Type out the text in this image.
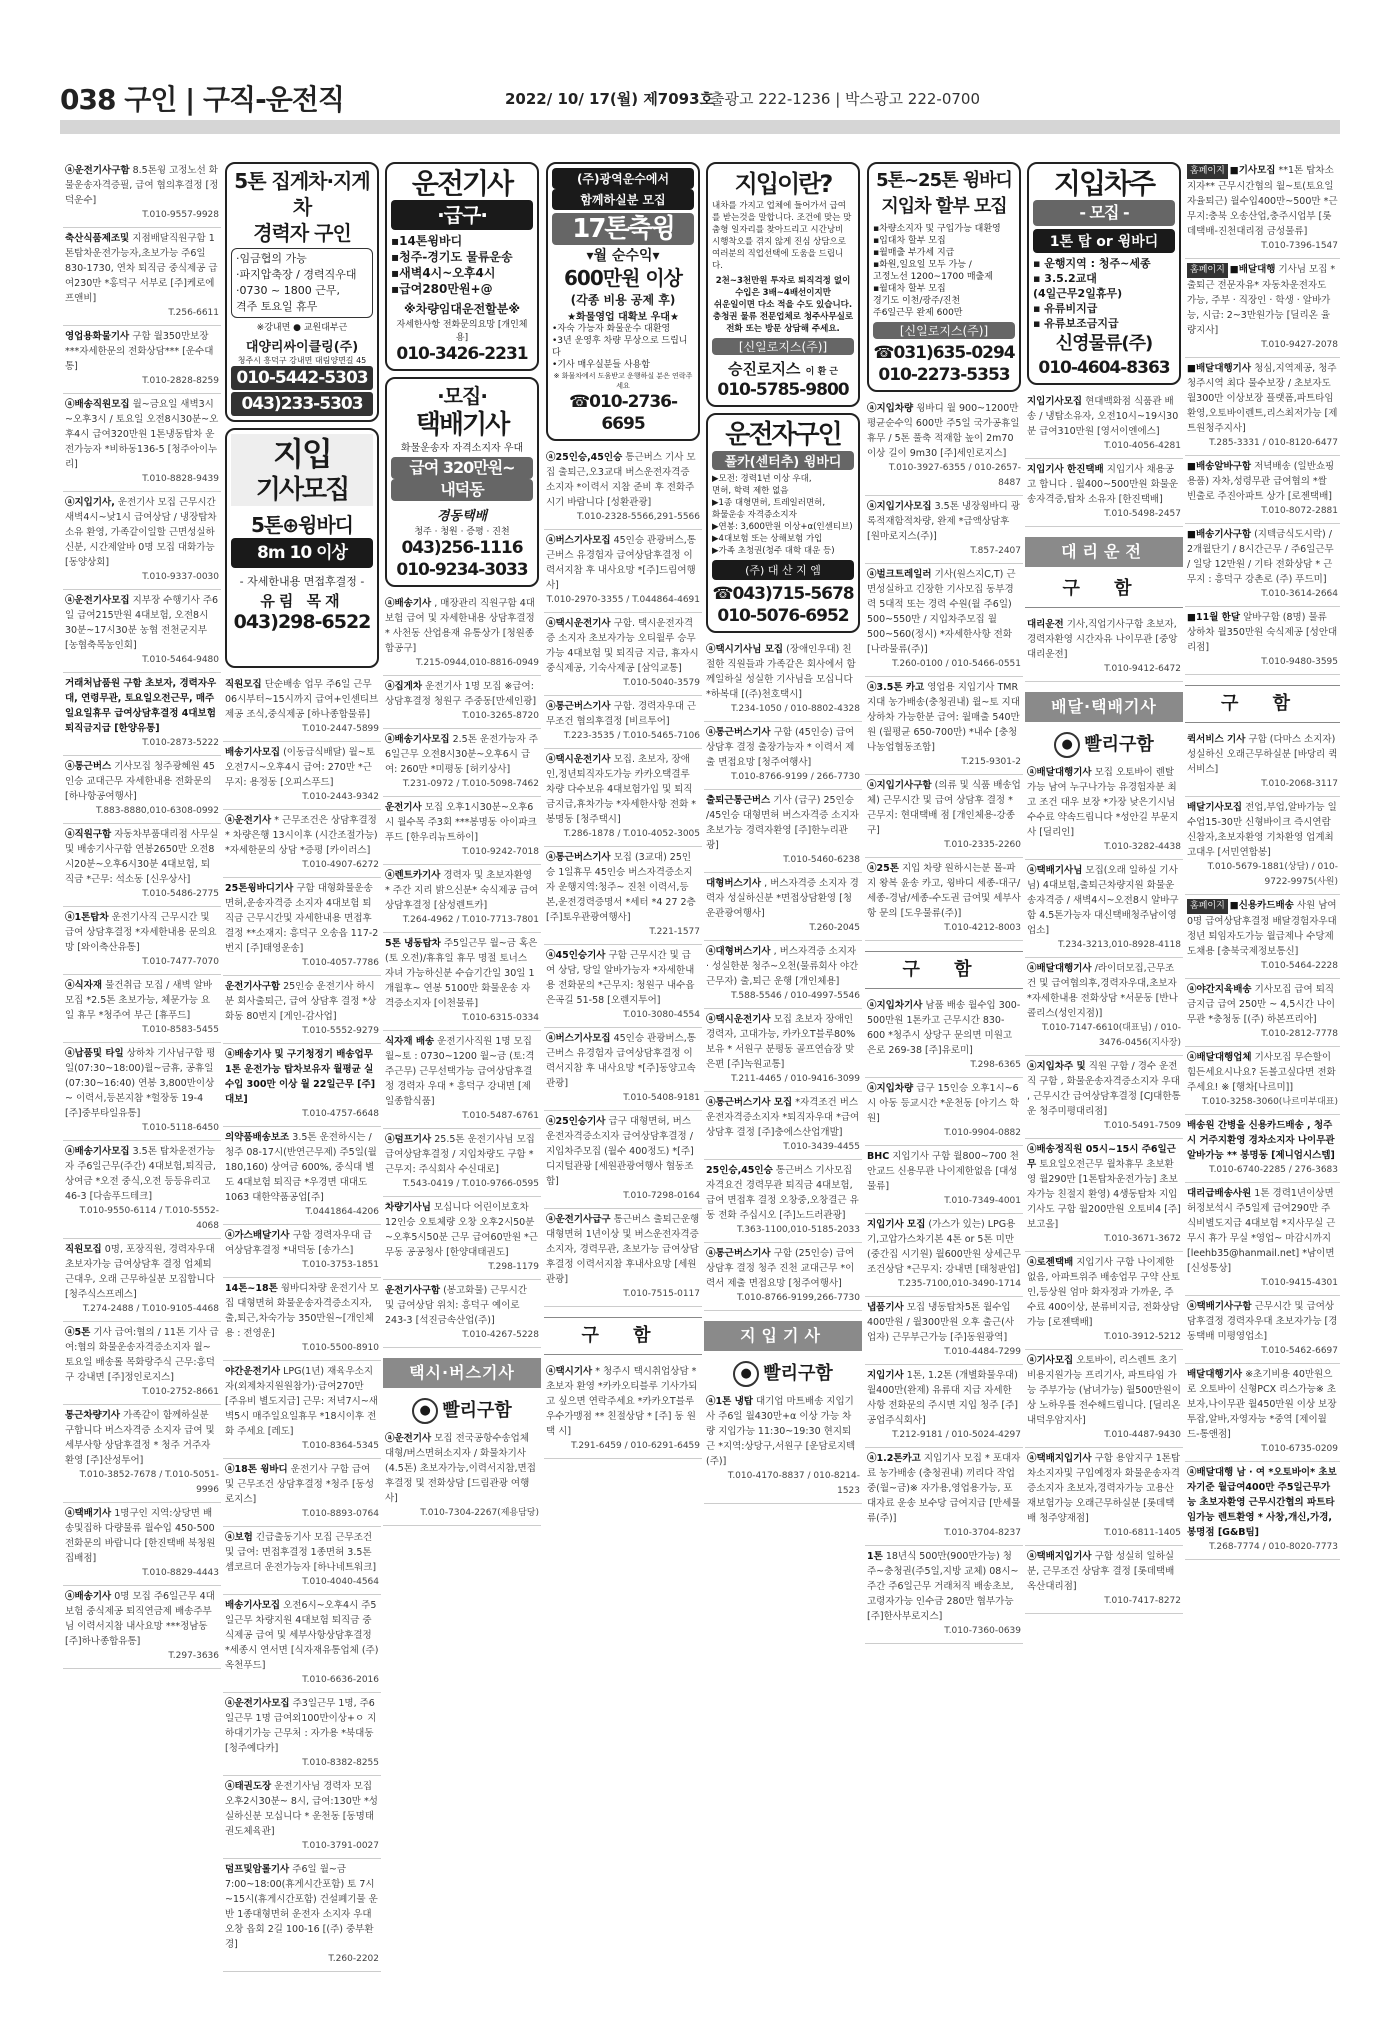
038 구인 | 구직-운전직	2022/ 10/ 17(월) 제7093호
출광고 222-1236 | 박스광고 222-0700
ⓐ운전기사구함 8.5톤윙 고정노선 화물운송자격증필, 급여 협의후결정 [정덕운수]
T.010-9557-9928
축산식품제조및 지점배달직원구함 1톤탑차운전가능자,초보가능 주6일 830-1730, 연차 퇴직금 중식제공 급여230만 *홍덕구 서부로 [주]케로에프앤비]
T.256-6611
영업용화물기사 구함 월350만보장 ***자세한문의 전화상담*** [운수대통]
T.010-2828-8259
ⓐ배송직원모집 월~금요일 새벽3시~오후3시 / 토요일 오전8시30분~오후4시 급여320만원 1톤냉동탑차 운전가능자 *비하동136-5 [청주아이누리]
T.010-8828-9439
ⓐ지입기사, 운전기사 모집 근무시간 새벽4시~낮1시 급여상담 / 냉장탑차소유 환영, 가족같이일할 근면성실하신분, 시간제알바 0명 모집 대화가능 [동양상회]
T.010-9337-0030
ⓐ운전기사모집 지부장 수행기사 주6일 급여215만원 4대보험, 오전8시30분~17시30분 농협 전천군지부 [농협축목농인회]
T.010-5464-9480
거래처납품원 구함 초보자, 경력자우대, 연령무관, 토요일오전근무, 매주일요일휴무 급여상담후결정 4대보험 퇴직금지급 [한양유통]
T.010-2873-5222
ⓐ통근버스 기사모집 청주광혜원 45인승 교대근무 자세한내용 전화문의 [하나항공여행사]
T.883-8880,010-6308-0992
ⓐ직원구함 자동차부품대리점 사무실 및 배송기사구함 연봉2650만 오전8시20분~오후6시30분 4대보험, 퇴직금 *근무: 석소동 [신우상사]
T.010-5486-2775
ⓐ1톤탑차 운전기사직 근무시간 및 급여 상담후결정 *자세한내용 문의요망 [와이축산유통]
T.010-7477-7070
ⓐ식자재 물건취급 모집 / 새벽 알바모집 *2.5톤 초보가능, 체문가능 요일 휴무 *청주여 부근 [휴푸드]
T.010-8583-5455
ⓐ납품및 타일 상하차 기사님구함 평일(07:30~18:00)월~금휴, 공휴일(07:30~16:40) 연봉 3,800만이상~ 이력서,등본지참 *헐장동 19-4 [주]중부타일유통]
T.010-5118-6450
ⓐ배송기사모집 3.5톤 탑차운전가능자 주6일근무(주간) 4대보험,퇴직금,상여금 *오전 중식,오전 등등유리고 46-3 [다솜푸드테크]
T.010-9550-6114 / T.010-5552-4068
직원모집 0명, 포장직원, 경력자우대 초보자가능 급여상담후 결정 업체퇴근대우, 오래 근무하실분 모집합니다 [청주식스프레스]
T.274-2488 / T.010-9105-4468
ⓐ5톤 기사 급여:협의 / 11톤 기사 급여:협의 화물운송자격증소지자 월~토요일 배송롤 목화랑주식 근무:흥덕구 강내면 [주]정인로지스]
T.010-2752-8661
통근차량기사 가족같이 함께하실분 구합니다 버스자격증 소지자 급여 및 세부사항 상담후결정 * 청주 거주자 환영 [주]산성투어]
T.010-3852-7678 / T.010-5051-9996
ⓐ택배기사 1명구인 지역:상당면 배송및집하 다량물류 월수입 450-500 전화문의 바랍니다 [한진택배 북청원집배점]
T.010-8829-4443
ⓐ배송기사 0명 모집 주6일근무 4대보험 중식제공 퇴직연금제 배송주부님 이력서지참 내사요망 ***정남동 [주]하나종합유통]
T.297-3636
5톤 집게차·지게차
경력자 구인
·임금협의 가능
·파지압축장 / 경력직우대
·0730 ~ 1800 근무,
격주 토요일 휴무
※강내면 ● 교원대부근
대양리싸이클링(주)
청주시 흥덕구 강내면 대림양면길 45
010-5442-5303
043)233-5303
지입
기사모집
5톤⊕윙바디
8m 10 이상
- 자세한내용 면접후결정 -
유림 목재
043)298-6522
직원모집 단순배송 업무 주6일 근무 06시부터~15시까지 급여+인센티브제공 조식,중식제공 [하나종합물류]
T.010-2447-5899
배송기사모집 (이동급식배달) 월~토 오전7시~오후4시 급여: 270만 *근무지: 용정동 [오피스푸드]
T.010-2443-9342
ⓐ운전기사 * 근무조건은 상담후결정 * 차량은행 13시이후 (시간조절가능) *자세한문의 상담 *증평 [카이러스]
T.010-4907-6272
25톤윙바디기사 구함 대형화물운송 면허,운송자격증 소지자 4대보험 퇴직금 근무시간및 자세한내용 면접후 결정 **소재지: 흥덕구 오송읍 117-2번지 [주]태영운송]
T.010-4057-7786
운전기사구함 25인승 운전기사 하시분 회사출퇴근, 급여 상담후 결정 *상화동 80번지 [게인-감사업]
T.010-5552-9279
ⓐ배송기사 및 구기청정기 배송업무 1톤 운전가능 탑차보유자 월평균 실수입 300만 이상 월 22일근무 [주]대보]
T.010-4757-6648
의약품배송보조 3.5톤 운전하시는 / 청주 08-17시(반연근무제) 주5일(월180,160) 상여금 600%, 중식대 별도 4대보험 퇴직금 *우경면 대대도 1063 대한약품공업[주]
T.0441864-4206
ⓐ가스배달기사 구함 경력자우대 급여상담후결정 *내덕동 [송가스]
T.010-3753-1851
14톤~18톤 윙바디차량 운전기사 모집 대형면허 화물운송자격증소지자, 출,퇴근,차숙가능 350만원~[개인체용 : 전영운]
T.010-5500-8910
야간운전기사 LPG(1년) 재육우소지자(외제차지원원참가)·급여270만 [주유비 별도지급] 근무: 저녁7시~새벽5시 매주일요일휴무 *18시이후 전화 주세요 [레도]
T.010-8364-5345
ⓐ18톤 윙바디 운전기사 구함 급여 및 근무조건 상담후결정 *청주 [동성로지스]
T.010-8893-0764
ⓐ보험 긴급출동기사 모집 근무조건 및 급여: 면접후결정 1종면허 3.5톤 셈코르더 운전가능자 [하나네트워크]
T.010-4040-4564
배송기사모집 오전6시~오후4시 주5일근무 차량지원 4대보험 퇴직금 중식제공 급여 및 세부사항상담후결정 *세종시 연서면 [식자재유통업체 (주)옥천푸드]
T.010-6636-2016
ⓐ운전기사모집 주3일근무 1명, 주6일근무 1명 급여외100만이상+ㅇ 지하대기가능 근무처 : 자가용 *북대동 [청주예다카]
T.010-8382-8255
ⓐ태권도장 운전기사님 경력자 모집 오후2시30분~ 8시, 급여:130만 *성실하신분 모십니다 * 운천동 [동명태권도체육관]
T.010-3791-0027
덤프및암롤기사 주6일 월~금 7:00~18:00(휴게시간포함) 토 7시~15시(휴게시간포함) 건설폐기물 운반 1종대형면허 운전자 소지자 우대 오창 읍회 2길 100-16 [(주) 중부환경]
T.260-2202
운전기사
·급구·
▪14톤윙바디
▪청주-경기도 물류운송
▪새벽4시~오후4시
▪급여280만원+@
※차량임대운전할분※
자세한사항 전화문의요망 [개인체용]
010-3426-2231
·모집·
택배기사
화물운송자 자격소지자 우대
급여 320만원~
내덕동
경동택배
청주 · 청원 · 증평 · 진천
043)256-1116
010-9234-3033
ⓐ배송기사 , 매장관리 직원구함 4대보험 급여 및 자세한내용 상담후결정 * 사천동 산업용재 유통상가 [청원종합공구]
T.215-0944,010-8816-0949
ⓐ집게차 운전기사 1명 모집 ※급여:상담후결정 청원구 주중동[만세인광]
T.010-3265-8720
ⓐ배송기사모집 2.5톤 운전가능자 주6일근무 오전8시30분~오후6시 급여: 260만 *미평동 [허키상사]
T.231-0972 / T.010-5098-7462
운전기사 모집 오후1시30분~오후6시 월수목 주3회 ***봉명동 아이파크푸드 [한우리뉴트하이]
T.010-9242-7018
ⓐ렌트카기사 경력자 및 초보자환영 * 주간 지리 밝으신분* 숙식제공 급여상담후결정 [삼성렌트카]
T.264-4962 / T.010-7713-7801
5톤 냉동탑차 주5일근무 월~금 혹은(토 오전)/휴휴일 휴무 명절 토너스 자녀 가능하신분 수습기간일 30일 1개월후~ 연봉 5100만 화물운송 자격증소지자 [이천물류]
T.010-6315-0334
식자재 배송 운전기사직원 1명 모집 월~토 : 0730~1200 월~금 (토:격주근무) 근무선택가능 급여상담후결정 경력자 우대 * 흥덕구 강내면 [제일종합식품]
T.010-5487-6761
ⓐ덤프기사 25.5톤 운전기사님 모집 급여상담후결정 / 지입차량도 구함 *근무지: 주식회사 수신대로]
T.543-0419 / T.010-9766-0595
차량기사님 모십니다 어린이보호차 12인승 오토체량 오창 오후2시50분~오후5시50분 근무 급여60만원 *근무동 공공청사 [한양대태권도]
T.298-1179
운전기사구함 (봉고화물) 근무시간 및 급여상담 위치: 흥덕구 예이로 243-3 [석진금속산업(주)]
T.010-4267-5228
택시·버스기사
● 빨리구함
ⓐ운전기사 모집 전국공항수송업체 대형/버스면허소지자 / 화물차기사(4.5톤) 초보자가능,이력서지참,면접후결정 및 전화상담 [드림관광 여행사]
T.010-7304-2267(제용담당)
(주)광역운수에서
함께하실분 모집
17톤축윙
▾월 순수익▾
600만원 이상
(각종 비용 공제 후)
★화물영업 대확보 우대★
•자숙 가능자 화물운수 대환영
•3년 운영후 차량 무상으로 드립니다
•기사 매우실분들 사용함
※ 화물차에서 도움받고 운행하실 분은 연락주세요
☎010-2736-6695
ⓐ25인승,45인승 통근버스 기사 모집 출퇴근,오3교대 버스운전자격증 소지자 *이력서 지참 준비 후 전화주시기 바랍니다 [성환관광]
T.010-2328-5566,291-5566
ⓐ버스기사모집 45인승 관광버스,통근버스 유경험자 급여상담후결정 이력서지참 후 내사요망 *[주]드림여행사]
T.010-2970-3355 / T.044864-4691
ⓐ택시운전기사 구함. 택시운전자격증 소지자 초보자가능 오티월루 승무가능 4대보험 및 퇴직금 지급, 휴자시 중식제공, 기숙사제공 [삼익교통]
T.010-5040-3579
ⓐ통근버스기사 구함. 경력자우대 근무조건 협의후결정 [비르투어]
T.223-3535 / T.010-5465-7106
ⓐ택시운전기사 모집. 초보자, 장애인,정년퇴직자도가능 카카오택결루 차량 다수보유 4대보험가입 및 퇴직금지급,휴차가능 *자세한사항 전화 *봉명동 [청주택시]
T.286-1878 / T.010-4052-3005
ⓐ통근버스기사 모집 (3교대) 25인승 1일휴무 45인승 버스자격증소지자 운행지역:청주~ 진천 이력서,등본,운전경력증명서 *세터 *4 27 2층 [주]토우관광여행사]
T.221-1577
ⓐ45인승기사 구함 근무시간 및 급여 상담, 당일 알바가능자 *자세한내용 전화문의 *근무지: 청원구 내수읍 은곡길 51-58 [오렌지투어]
T.010-3080-4554
ⓐ버스기사모집 45인승 관광버스,통근버스 유경험자 급여상담후결정 이력서지참 후 내사요망 *[주]동양고속관광]
T.010-5408-9181
ⓐ25인승기사 급구 대형면허, 버스운전자격증소지자 급여상담후결정 /지입차주모집 (월수 400정도) *[주]디지털관광 [세원관광여행사 협동조합]
T.010-7298-0164
ⓐ운전기사급구 통근버스 출퇴근운행 대형면허 1년이상 및 버스운전자격증소지자, 경력무관, 초보가능 급여상담후결정 이력서지참 후내사요망 [세원관광]
T.010-7515-0117
구 함
ⓐ택시기사 * 청주시 택시취업상담 * 초보자 환영 *카카오티블루 기사가되고 싶으면 연락주세요 *카카오T블루 우수가맹점 ** 친절상담 * [주] 동 원 택 시]
T.291-6459 / 010-6291-6459
지입이란?
내차를 가지고 업체에 들어가서 급여를 받는것을 말합니다. 조건에 맞는 맞춤형 일자리를 찾아드리고 시간낭비 시행착오를 겪지 않게 진심 상담으로 여러분의 직업선택에 도움을 드립니다.
2천~3천만원 투자로 퇴직걱정 없이 수입은 3배~4배선이지만
쉬운일이면 다소 적을 수도 있습니다.
충청권 물류 전문업체로 청주사무실로
전화 또는 방문 상담해 주세요.
[신일로지스(주)]
승진로지스 이 환 근
010-5785-9800
운전자구인
풀카(센터추) 윙바디
▶모전: 경력1년 이상 우대,
면허, 학력 제한 없음
▶1종 대형면허, 트레일러면허,
화물운송 자격증소지자
▶연봉: 3,600만원 이상+α(인센티브)
▶4대보험 또는 상해보험 가입
▶가족 초청권(청주 대학 대운 등)
(주) 대 산 지 엠
☎043)715-5678
010-5076-6952
ⓐ택시기사님 모집 (장애인우대) 친절한 직원들과 가족같은 회사에서 함께일하실 성실한 기사님을 모십니다 *하복대 [(주)천호택시]
T.234-1050 / 010-8802-4328
ⓐ통근버스기사 구함 (45인승) 급여 상담후 결정 출장가능자 * 이력서 제출 면접요망 [청주여행사]
T.010-8766-9199 / 266-7730
출퇴근통근버스 기사 (급구) 25인승 /45인승 대형면허 버스자격증 소지자 초보가능 경력자환영 [주]한누리관광]
T.010-5460-6238
대형버스기사 , 버스자격증 소지자 경력자 성실하신분 *면접상담환영 [청운관광여행사]
T.260-2045
ⓐ대형버스기사 , 버스자격증 소지자 · 성실한분 청주~오천(물류회사 야간근무자) 출,퇴근 운행 [개인체용]
T.588-5546 / 010-4997-5546
ⓐ택시운전기사 모집 초보자 장애인 경력자, 고대가능, 카카오T블루80%보유 * 서원구 분평동 골프연습장 맞은편 [주]녹원교통]
T.211-4465 / 010-9416-3099
ⓐ통근버스기사 모집 *자격조건 버스운전자격증소지자 *퇴직자우대 *급여상담후 결정 [주]충에스산업개발]
T.010-3439-4455
25인승,45인승 통근버스 기사모집 자격요건 경력무관 퇴직금 4대보험, 급여 면접후 결정 오창중,오창결근 유동 전화 주십시오 [주]노드러관광]
T.363-1100,010-5185-2033
ⓐ통근버스기사 구함 (25인승) 급여 상담후 결정 청주 진천 교대근무 *이력서 제출 면접요망 [청주여행사]
T.010-8766-9199,266-7730
지입기사
● 빨리구함
ⓐ1톤 냉탑 대기업 마트배송 지입기사 주6일 월430만+α 이상 가능 차량 지입가능 11:30~19:30 현지퇴근 *지역:상당구,서원구 [운담로지텍(주)]
T.010-4170-8837 / 010-8214-1523
5톤~25톤 윙바디
지입차 할부 모집
▪차량소지자 및 구입가능 대환영
▪입대차 할부 모집
▪월매출 부가세 지급
▪화원,일요일 모두 가능 /
고정노선 1200~1700 매출제
▪월대차 할부 모집
경기도 이천/광주/진천
주6일근무 완제 600만
[신일로지스(주)]
☎031)635-0294
010-2273-5353
ⓐ지입차량 윙바디 월 900~1200만 평균순수익 600만 주5일 국가공휴일 휴무 / 5톤 풀축 적재함 높이 2m70이상 길이 9m30 [주]세인로지스]
T.010-3927-6355 / 010-2657-8487
ⓐ지입기사모집 3.5톤 냉장윙바디 광록적재함적차량, 완제 *급액상담후 [원마로지스(주)]
T.857-2407
ⓐ벌크트레일러 기사(원스지C,T) 근면성실하고 긴장한 기사모집 동부경력 5대적 또는 경력 수원(월 주6일) 500~550만 / 지입차주모집 월 500~560(정시) *자세한사항 전화 [나라물류(주)]
T.260-0100 / 010-5466-0551
ⓐ3.5톤 카고 영업용 지입기사 TMR지대 농가배송(충청권내) 월~토 지대 상하차 가능한분 급여: 월매출 540만원 (월평균 650-700만) *내수 [충청나농업협동조합]
T.215-9301-2
ⓐ지입기사구함 (의류 및 식품 배송업체) 근무시간 및 급여 상담후 결정 *근무지: 현대택배 점 [개인체용-강종구]
T.010-2335-2260
ⓐ25톤 지입 차량 원하시는분 몰-파지 왕복 윤송 카고, 윙바디 세종-대구/세종-경남/세종-수도권 급여및 세부사항 문의 [도우물류(주)]
T.010-4212-8003
구 함
ⓐ지입차기사 남품 배송 월수입 300-500만원 1톤카고 근무시간 830-600 *청주시 상당구 문의면 미원고은로 269-38 [주]유로미]
T.298-6365
ⓐ지입차량 급구 15인승 오후1시~6시 아동 등교시간 *운천동 [아기스 학원]
T.010-9904-0882
BHC 지입기사 구함 월800~700 천안교드 신용무관 나이제한없음 [대성물류]
T.010-7349-4001
지입기사 모집 (가스가 있는) LPG용기,고압가스차기본 4톤 or 5톤 미만(중간집 시기원) 월600만원 상세근무조건상담 *근무지: 강내면 [태청판업]
T.235-7100,010-3490-1714
냅품기사 모집 냉동탑차5톤 월수입400만원 / 월300만원 오후 출근(사업자) 근무부근가능 [주]동원광역]
T.010-4484-7299
지입기사 1톤, 1.2톤 (개별화물우대) 월400만(완제) 유류대 지급 자세한 사항 전화문의 주시면 지입 청주 [주]공업주식회사]
T.212-9181 / 010-5024-4297
ⓐ1.2톤카고 지입기사 모집 * 포대자료 농가배송 (충청권내) 끼리다 작업중(월~금)※ 자가용,영업용가능, 포대자료 운송 보수당 급여지급 [만세물류(주)]
T.010-3704-8237
1톤 18년식 500만(900만가능) 청주~충청권(주5일,지방 교체) 08시~주간 주6일근무 거래처직 배송초보,고령자가능 인수금 280만 협부가능 [주]한사부로지스]
T.010-7360-0639
지입차주
- 모집 -
1톤 탑 or 윙바디
▪ 운행지역 : 청주~세종
▪ 3.5.2교대
(4일근무2일휴무)
▪ 유류비지급
▪ 유류보조금지급
신영물류(주)
010-4604-8363
지입기사모집 현대백화점 식품관 배송 / 냉탑소유자, 오전10시~19시30분 급여310만원 [영서이엔에스]
T.010-4056-4281
지입기사 한진택배 지입기사 채용공고 합니다 . 월400~500만원 화물운송자격증,탑차 소유자 [한진택배]
T.010-5498-2457
대리운전
구 함
대리운전 기사,직업기사구함 초보자, 경력자환영 시간자유 나이무관 [중앙대리운전]
T.010-9412-6472
배달·택배기사
● 빨리구함
ⓐ배달대행기사 모집 오토바이 렌탈 가능 남여 누구나가능 유경험자분 최고 조건 대우 보장 *가장 낮은기시님 수수료 약속드립니다 *성안길 부문지사 [딜리인]
T.010-3282-4438
ⓐ택배기사님 모집(오래 일하실 기사님) 4대보험,출퇴근차량지원 화물운송자격증 / 새벽4시~오전8시 알바구함 4.5톤가능자 대신택배청주남이영업소]
T.234-3213,010-8928-4118
ⓐ배달대행기사 /라이더모집,근무조건 및 급여협의후,경력자우대,초보자 *자세한내용 전화상담 *서문동 [반나콜리스(성인지점)]
T.010-7147-6610(대표님) / 010-3476-0456(지사장)
ⓐ지입차주 및 직원 구함 / 경수 운전직 구함 , 화물운송자격증소지자 우대 , 근무시간 급여상담후결정 [CJ대한통운 청주미평대리점]
T.010-5491-7509
ⓐ배송정직원 05시~15시 주6일근무 토요일오전근무 월차휴무 초보환영 월290만 [1톤탑차운전가능] 초보자가능 친절지 환영) 4생동탐차 지입기사도 구함 월200만원 오토비4 [주]보고올]
T.010-3671-3672
ⓐ로젠택배 지입기사 구함 나이제한없음, 아파트위주 배송업무 구약 산토인,등상원 엄마 화자정과 가까운, 주수료 400이상, 분류비지급, 전화상담가능 [로젠택배]
T.010-3912-5212
ⓐ기사모집 오토바이, 리스렌트 초기비용지원가능 프리기사, 파트타임 가능 주부가능 (남녀가능) 월500만원이상 노하우를 전수해드립니다. [딜리온 내덕우암지사]
T.010-4487-9430
ⓐ택배지입기사 구함 용암지구 1톤탑차소지자및 구입예정자 화물운송자격증소지자 초보자,경력자가능 고용산재보험가능 오래근무하실분 [롯데택배 청주양재점]
T.010-6811-1405
ⓐ택배지입기사 구함 성실히 일하실분, 근무조건 상담후 결정 [롯데택배 옥산대리점]
T.010-7417-8272
홈페이지 ■기사모집 **1톤 탑차소지자** 근무시간협의 월~토(토요일 자율퇴근) 월수입400만~500만 *근무지:충북 오송산업,충주시업부 [롯데택배-진천대리점 금성물류]
T.010-7396-1547
홈페이지 ■배달대행 기사님 모집 *출퇴근 전문자유* 자동차운전자도 가능, 주부 · 직장인 · 학생 · 알바가능, 시급: 2~3만원가능 [딜리온 율량지사]
T.010-9427-2078
■배달대행기사 청심,지역제공, 청주 청주시역 최다 물수보장 / 초보자도 월300만 이상보장 플랫폼,파트타임환영,오토바이렌트,리스최저가능 [제트원청주지사]
T.285-3331 / 010-8120-6477
■배송알바구함 저녁배송 (일반쇼핑 용품) 자차,성령무관 급여협의 *쌀 빈출로 주진아파트 상가 [로젠택배]
T.010-8072-2881
■배송기사구함 (지텍금식도시락) / 2개월단기 / 8시간근무 / 주6일근무 / 일당 12만원 / 기타 전화상담 * 근무지 : 흥덕구 강촌로 (주) 푸드미]
T.010-3614-2664
■11월 한달 알바구함 (8명) 물류 상하차 월350만원 숙식제공 [성안대리점]
T.010-9480-3595
구 함
퀵서비스 기사 구함 (다마스 소지자) 성실하신 오래근무하실분 [바당리 퀵서비스]
T.010-2068-3117
배달기사모집 전업,부업,알바가능 일수업15-30만 신형바이크 즉시연람 신참자,초보자환영 기차환영 업계최고대우 [서민연합봉]
T.010-5679-1881(상담) / 010-9722-9975(사원)
홈페이지 ■신용카드배송 사원 남여 0명 급여상담후결정 배달경험자우대 정년 퇴임자도가능 월급제나 수당제도채용 [충북국제정보통신]
T.010-5464-2228
ⓐ야간지육배송 기사모집 급여 퇴직금지급 급여 250만 ~ 4,5시간 나이무관 *충청동 [(주) 하본프리아]
T.010-2812-7778
ⓐ배달대행업체 기사모집 무슨할이 힘든세요시나요? 돈볼고싶다면 전화주세요! ※ [행차[나르미]]
T.010-3258-3060(나르미부대표)
배송원 간병을 신용카드배송 , 청주시 거주지환영 경차소지자 나이무관 알바가능 ** 봉명동 [제니엄시스템]
T.010-6740-2285 / 276-3683
대리급배송사원 1톤 경력1년이상면허정보석시 주5일제 급여290만 주식비별도지급 4대보험 *지사무실 근무시 휴가 무실 *영업~ 마감시까지 [leehb35@hanmail.net] *남이면 [신성통상]
T.010-9415-4301
ⓐ택배기사구함 근무시간 및 급여상담후결정 경력자우대 초보자가능 [경동택배 미평영업소]
T.010-5462-6697
배달대행기사 ※초기비용 40만원으로 오토바이 신형PCX 리스가능※ 초보자,나이무관 월450만원 이상 보장 투잡,알바,자영자능 *중역 [제이월드-통앤점]
T.010-6735-0209
ⓐ배달대행 남 · 여 *오토바이* 초보자기준 월급여400만 주5일근무가능 초보자환영 근무시간협의 파트타임가능 렌트환영 * 사창,개신,가경,봉명점 [G&B팀]
T.268-7774 / 010-8020-7773
